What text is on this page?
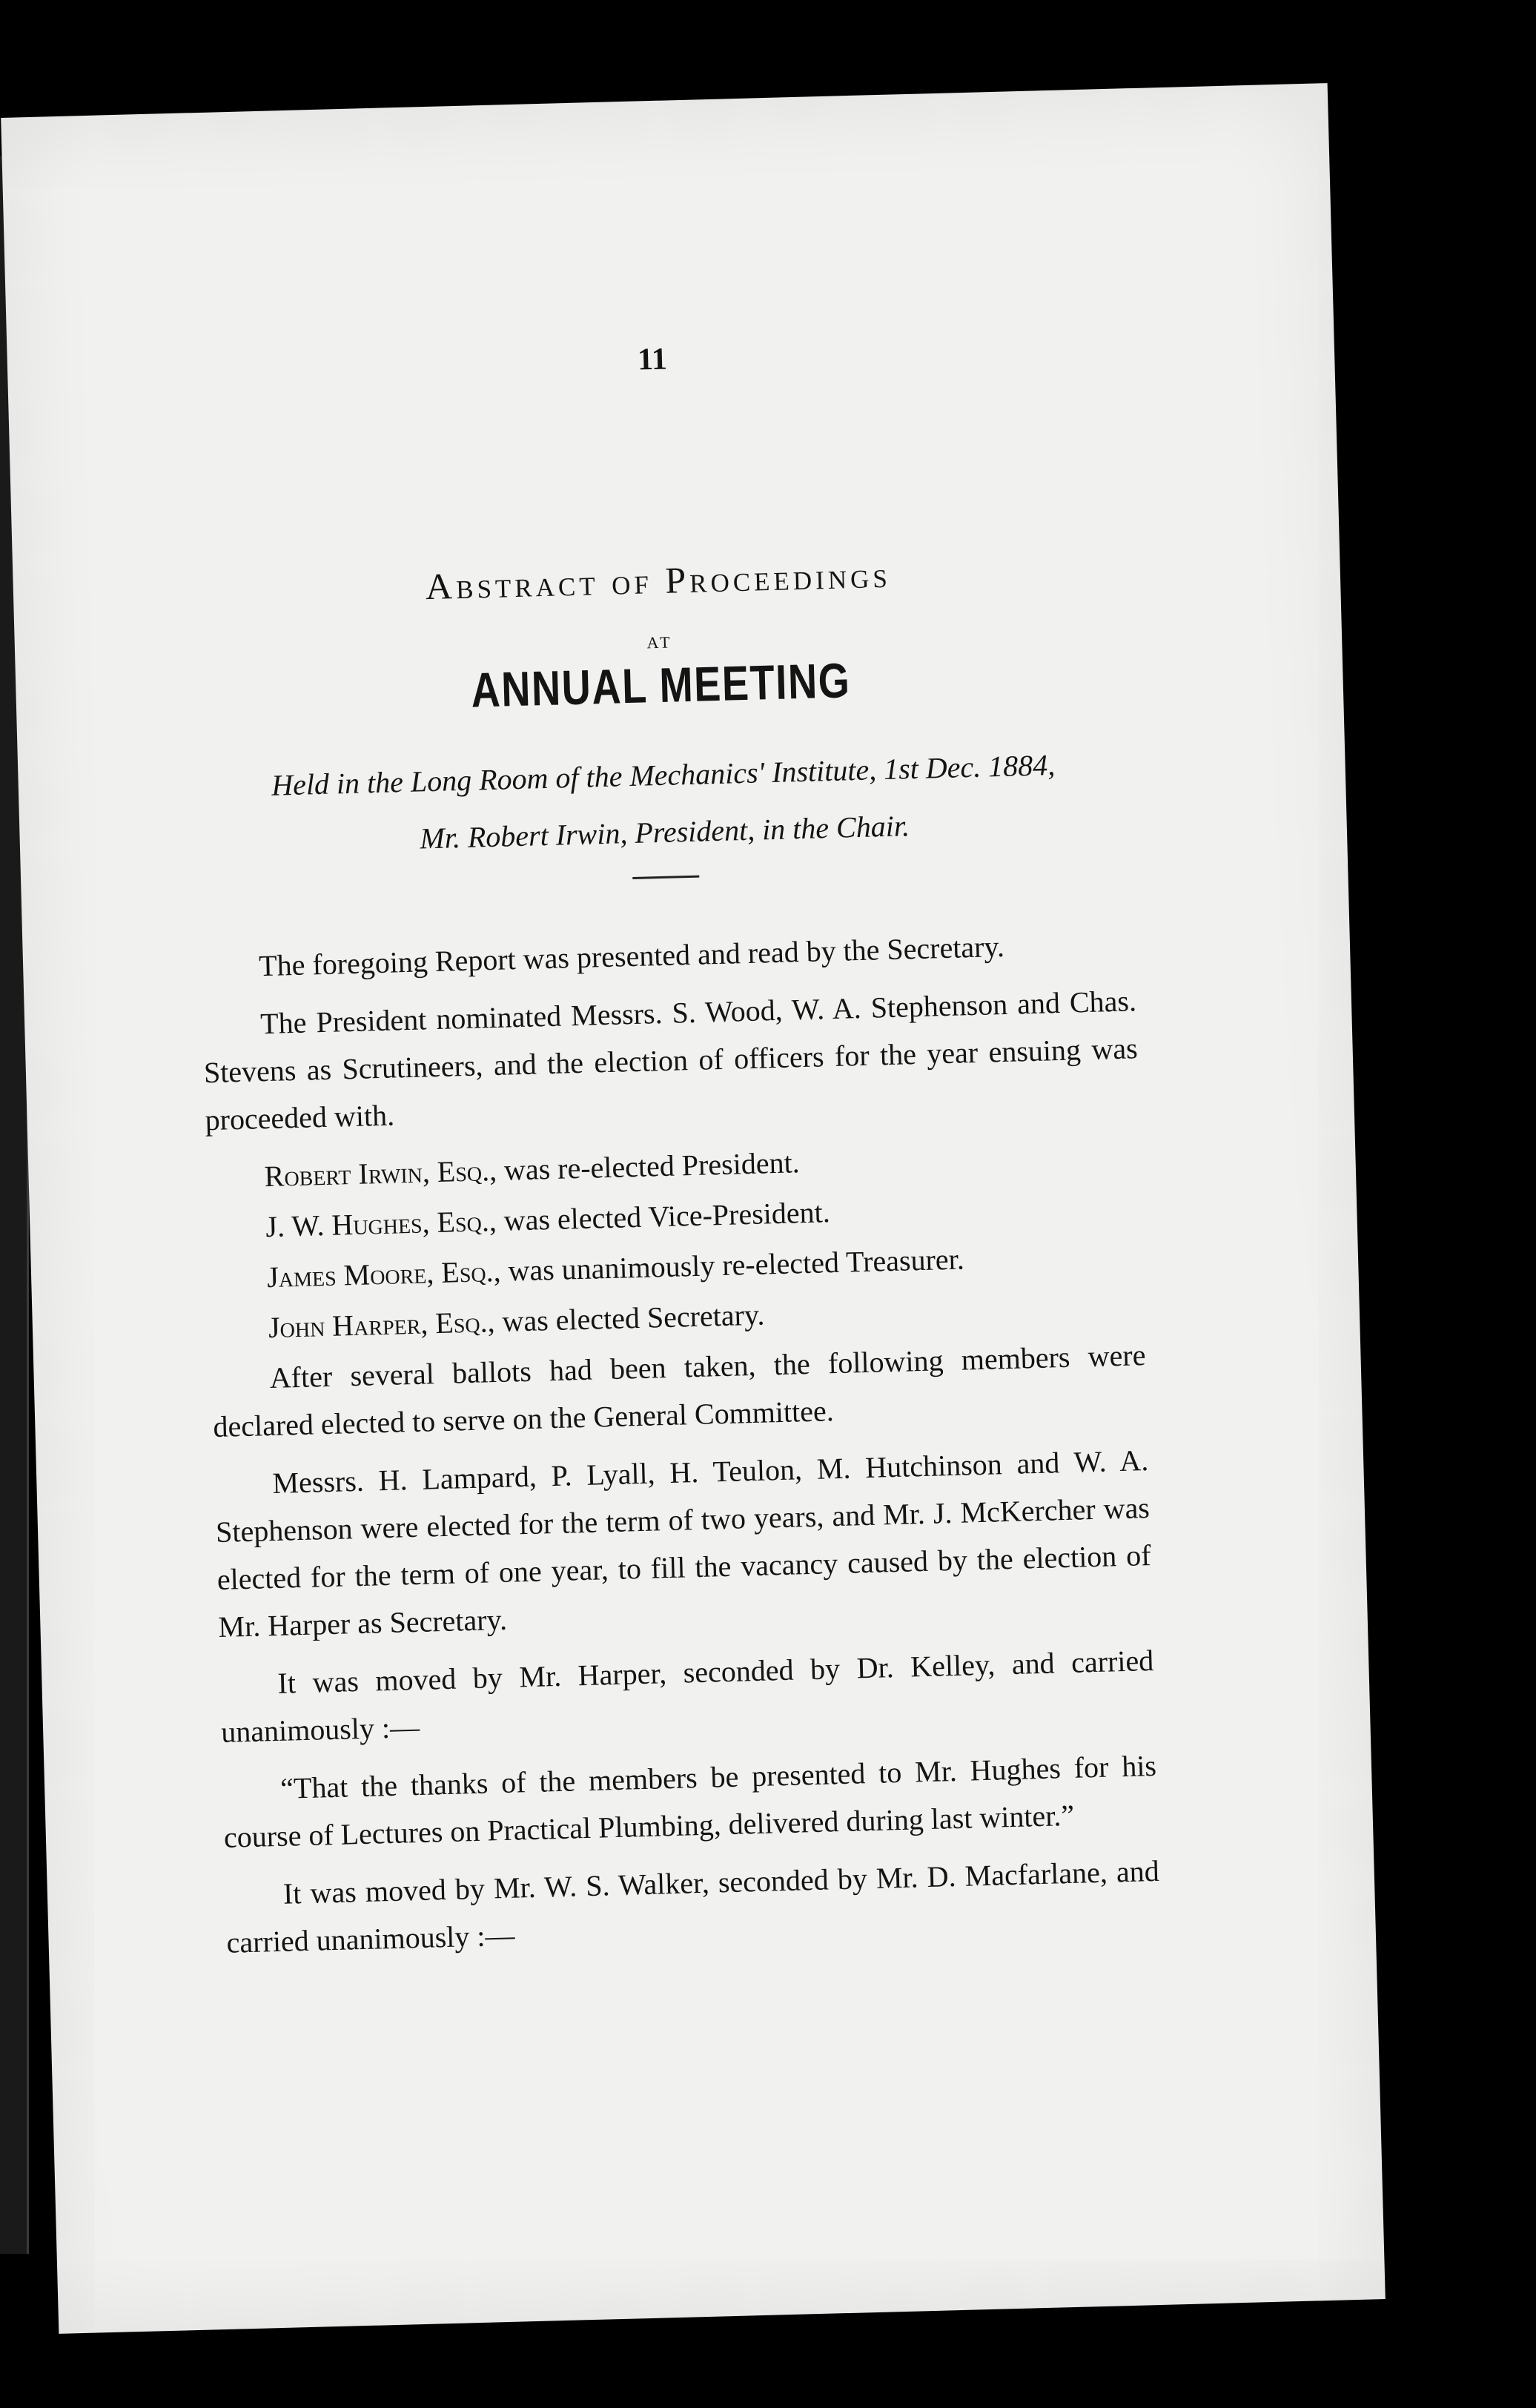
11
Abstract of Proceedings
AT
ANNUAL MEETING
Held in the Long Room of the Mechanics' Institute, 1st Dec. 1884,
Mr. Robert Irwin, President, in the Chair.

The foregoing Report was presented and read by the Secretary.

The President nominated Messrs. S. Wood, W. A. Stephenson and Chas. Stevens as Scrutineers, and the election of officers for the year ensuing was proceeded with.

Robert Irwin, Esq., was re-elected President.

J. W. Hughes, Esq., was elected Vice-President.

James Moore, Esq., was unanimously re-elected Treasurer.

John Harper, Esq., was elected Secretary.

After several ballots had been taken, the following members were declared elected to serve on the General Committee.

Messrs. H. Lampard, P. Lyall, H. Teulon, M. Hutchinson and W. A. Stephenson were elected for the term of two years, and Mr. J. McKercher was elected for the term of one year, to fill the vacancy caused by the election of Mr. Harper as Secretary.

It was moved by Mr. Harper, seconded by Dr. Kelley, and carried unanimously :—

“That the thanks of the members be presented to Mr. Hughes for his course of Lectures on Practical Plumbing, delivered during last winter.”

It was moved by Mr. W. S. Walker, seconded by Mr. D. Macfarlane, and carried unanimously :—
